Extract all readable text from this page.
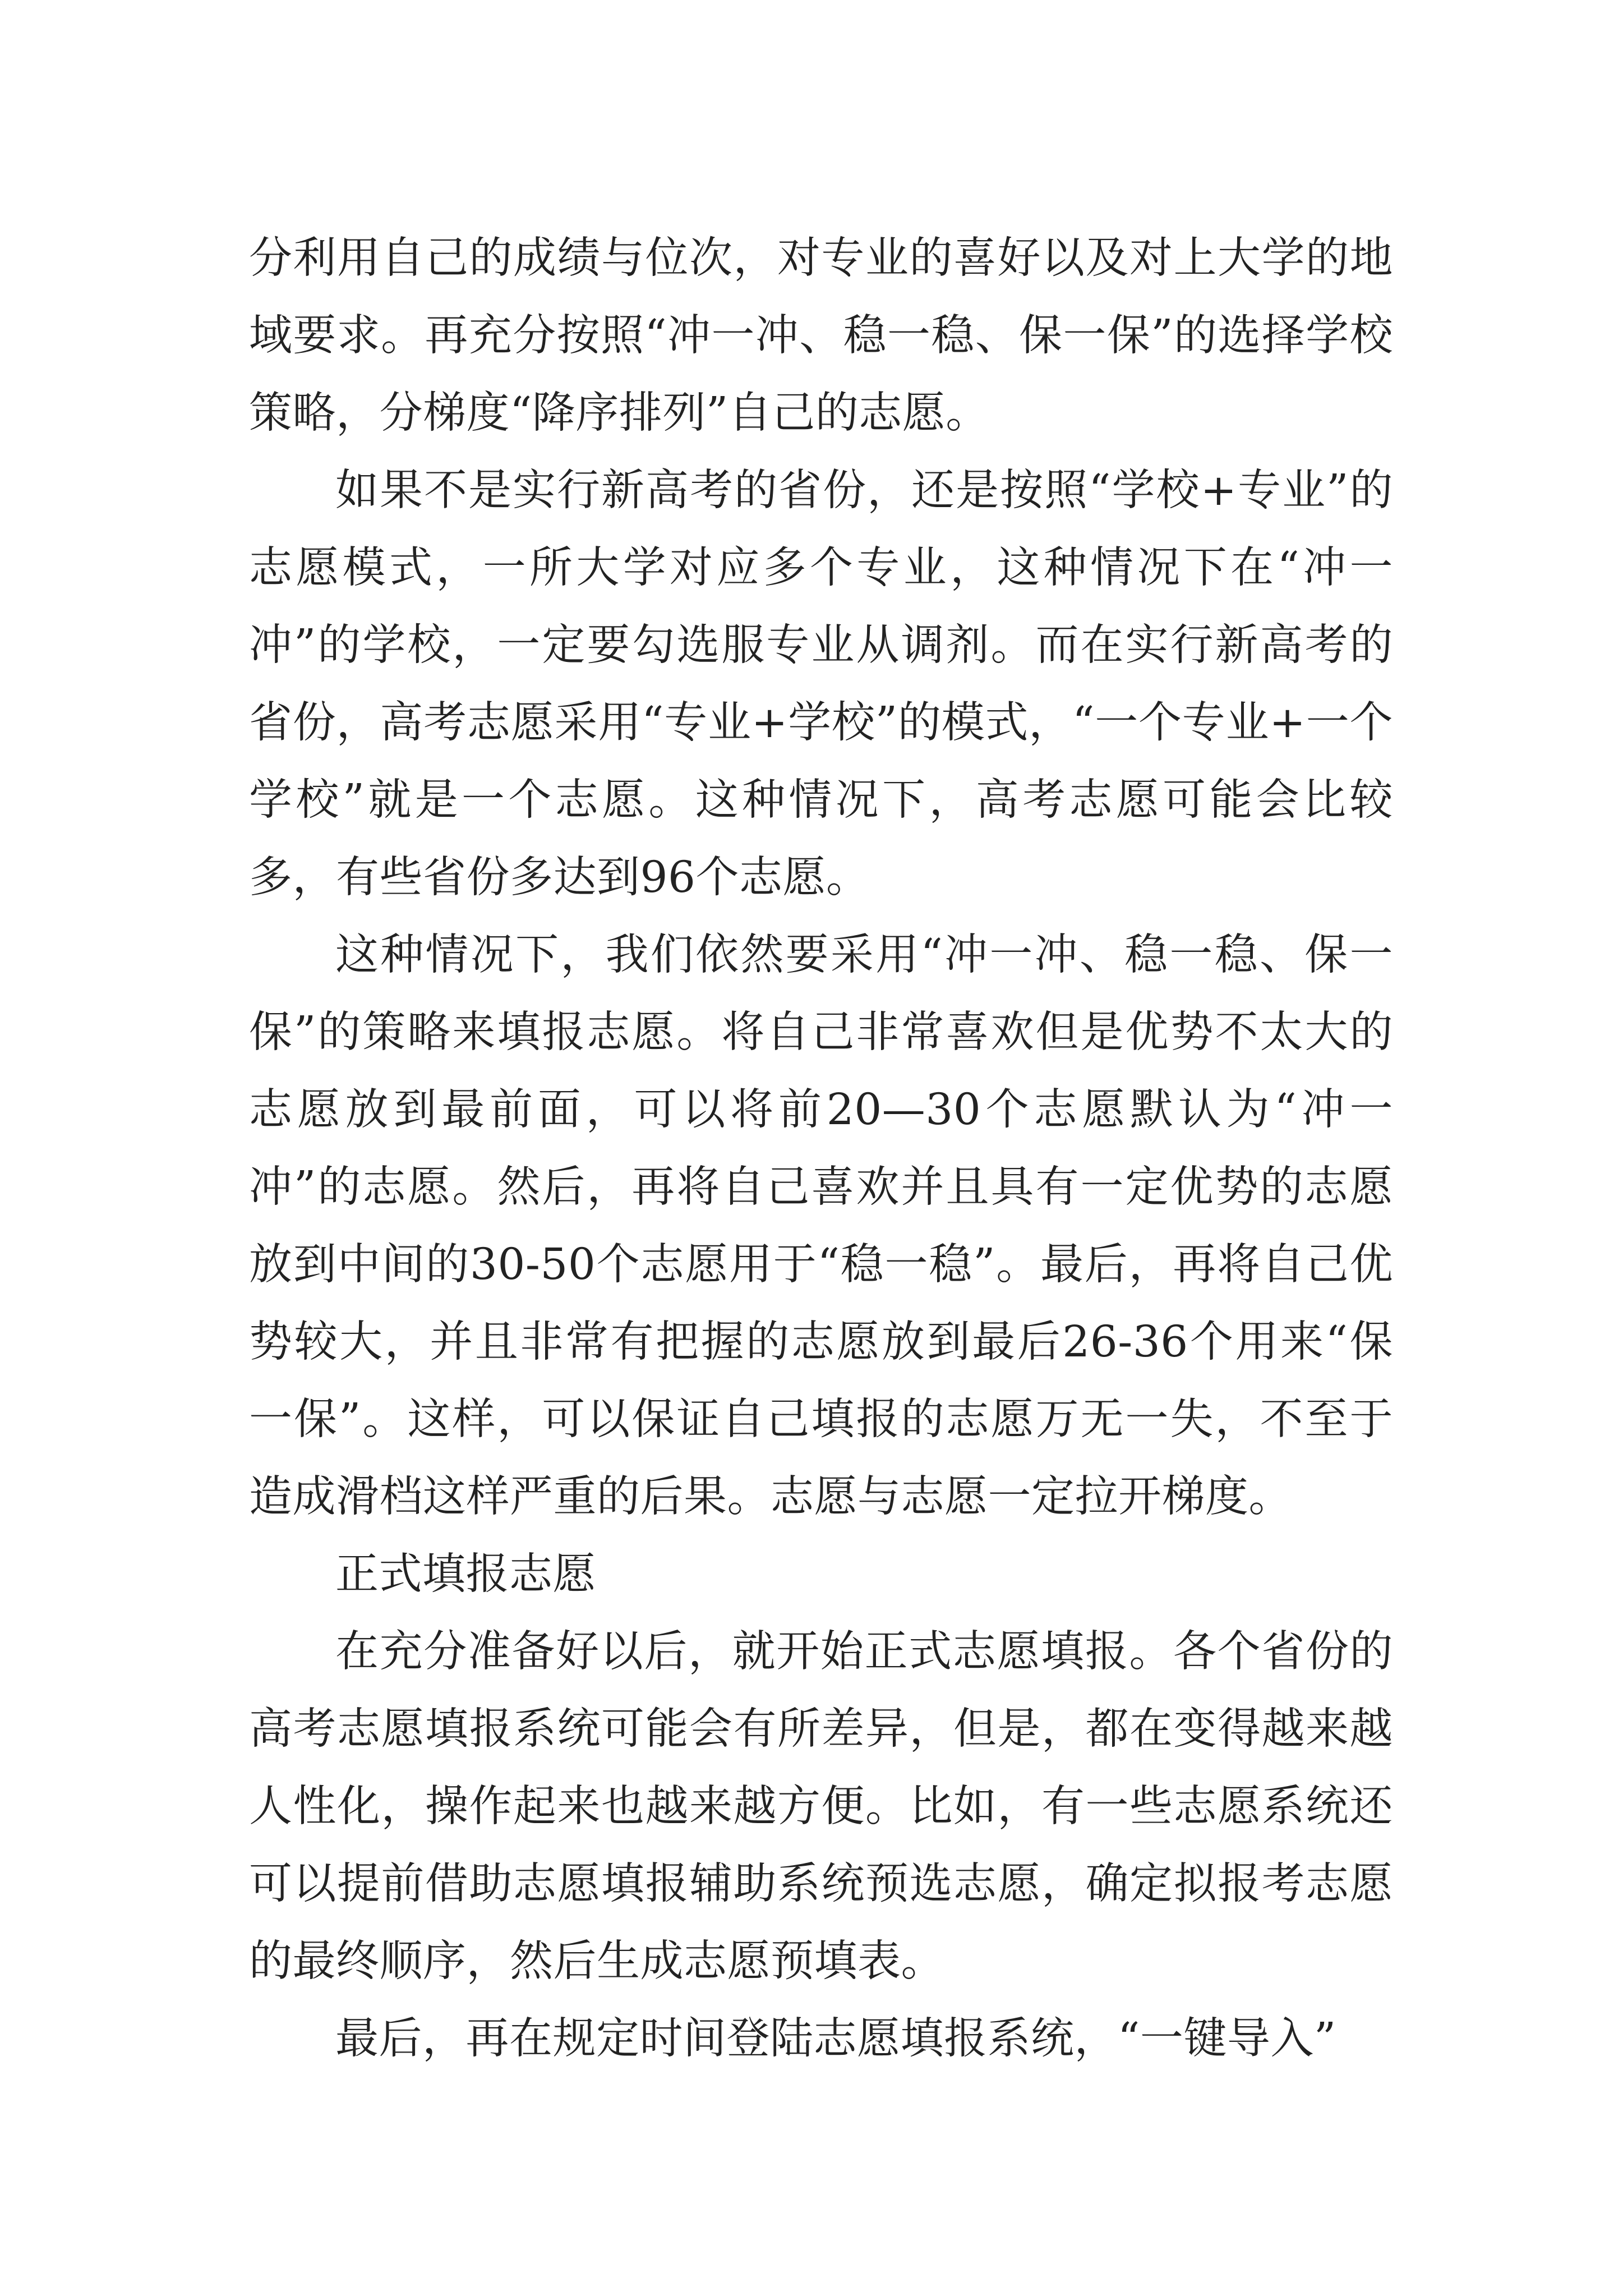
分利用自己的成绩与位次，对专业的喜好以及对上大学的地域要求。再充分按照“冲一冲、稳一稳、保一保”的选择学校策略，分梯度“降序排列”自己的志愿。

如果不是实行新高考的省份，还是按照“学校+专业”的志愿模式，一所大学对应多个专业，这种情况下在“冲一冲”的学校，一定要勾选服专业从调剂。而在实行新高考的省份，高考志愿采用“专业+学校”的模式，“一个专业+一个学校”就是一个志愿。这种情况下，高考志愿可能会比较多，有些省份多达到96个志愿。

这种情况下，我们依然要采用“冲一冲、稳一稳、保一保”的策略来填报志愿。将自己非常喜欢但是优势不太大的志愿放到最前面，可以将前20—30个志愿默认为“冲一冲”的志愿。然后，再将自己喜欢并且具有一定优势的志愿放到中间的30-50个志愿用于“稳一稳”。最后，再将自己优势较大，并且非常有把握的志愿放到最后26-36个用来“保一保”。这样，可以保证自己填报的志愿万无一失，不至于造成滑档这样严重的后果。志愿与志愿一定拉开梯度。

正式填报志愿

在充分准备好以后，就开始正式志愿填报。各个省份的高考志愿填报系统可能会有所差异，但是，都在变得越来越人性化，操作起来也越来越方便。比如，有一些志愿系统还可以提前借助志愿填报辅助系统预选志愿，确定拟报考志愿的最终顺序，然后生成志愿预填表。

最后，再在规定时间登陆志愿填报系统，“一键导入”
